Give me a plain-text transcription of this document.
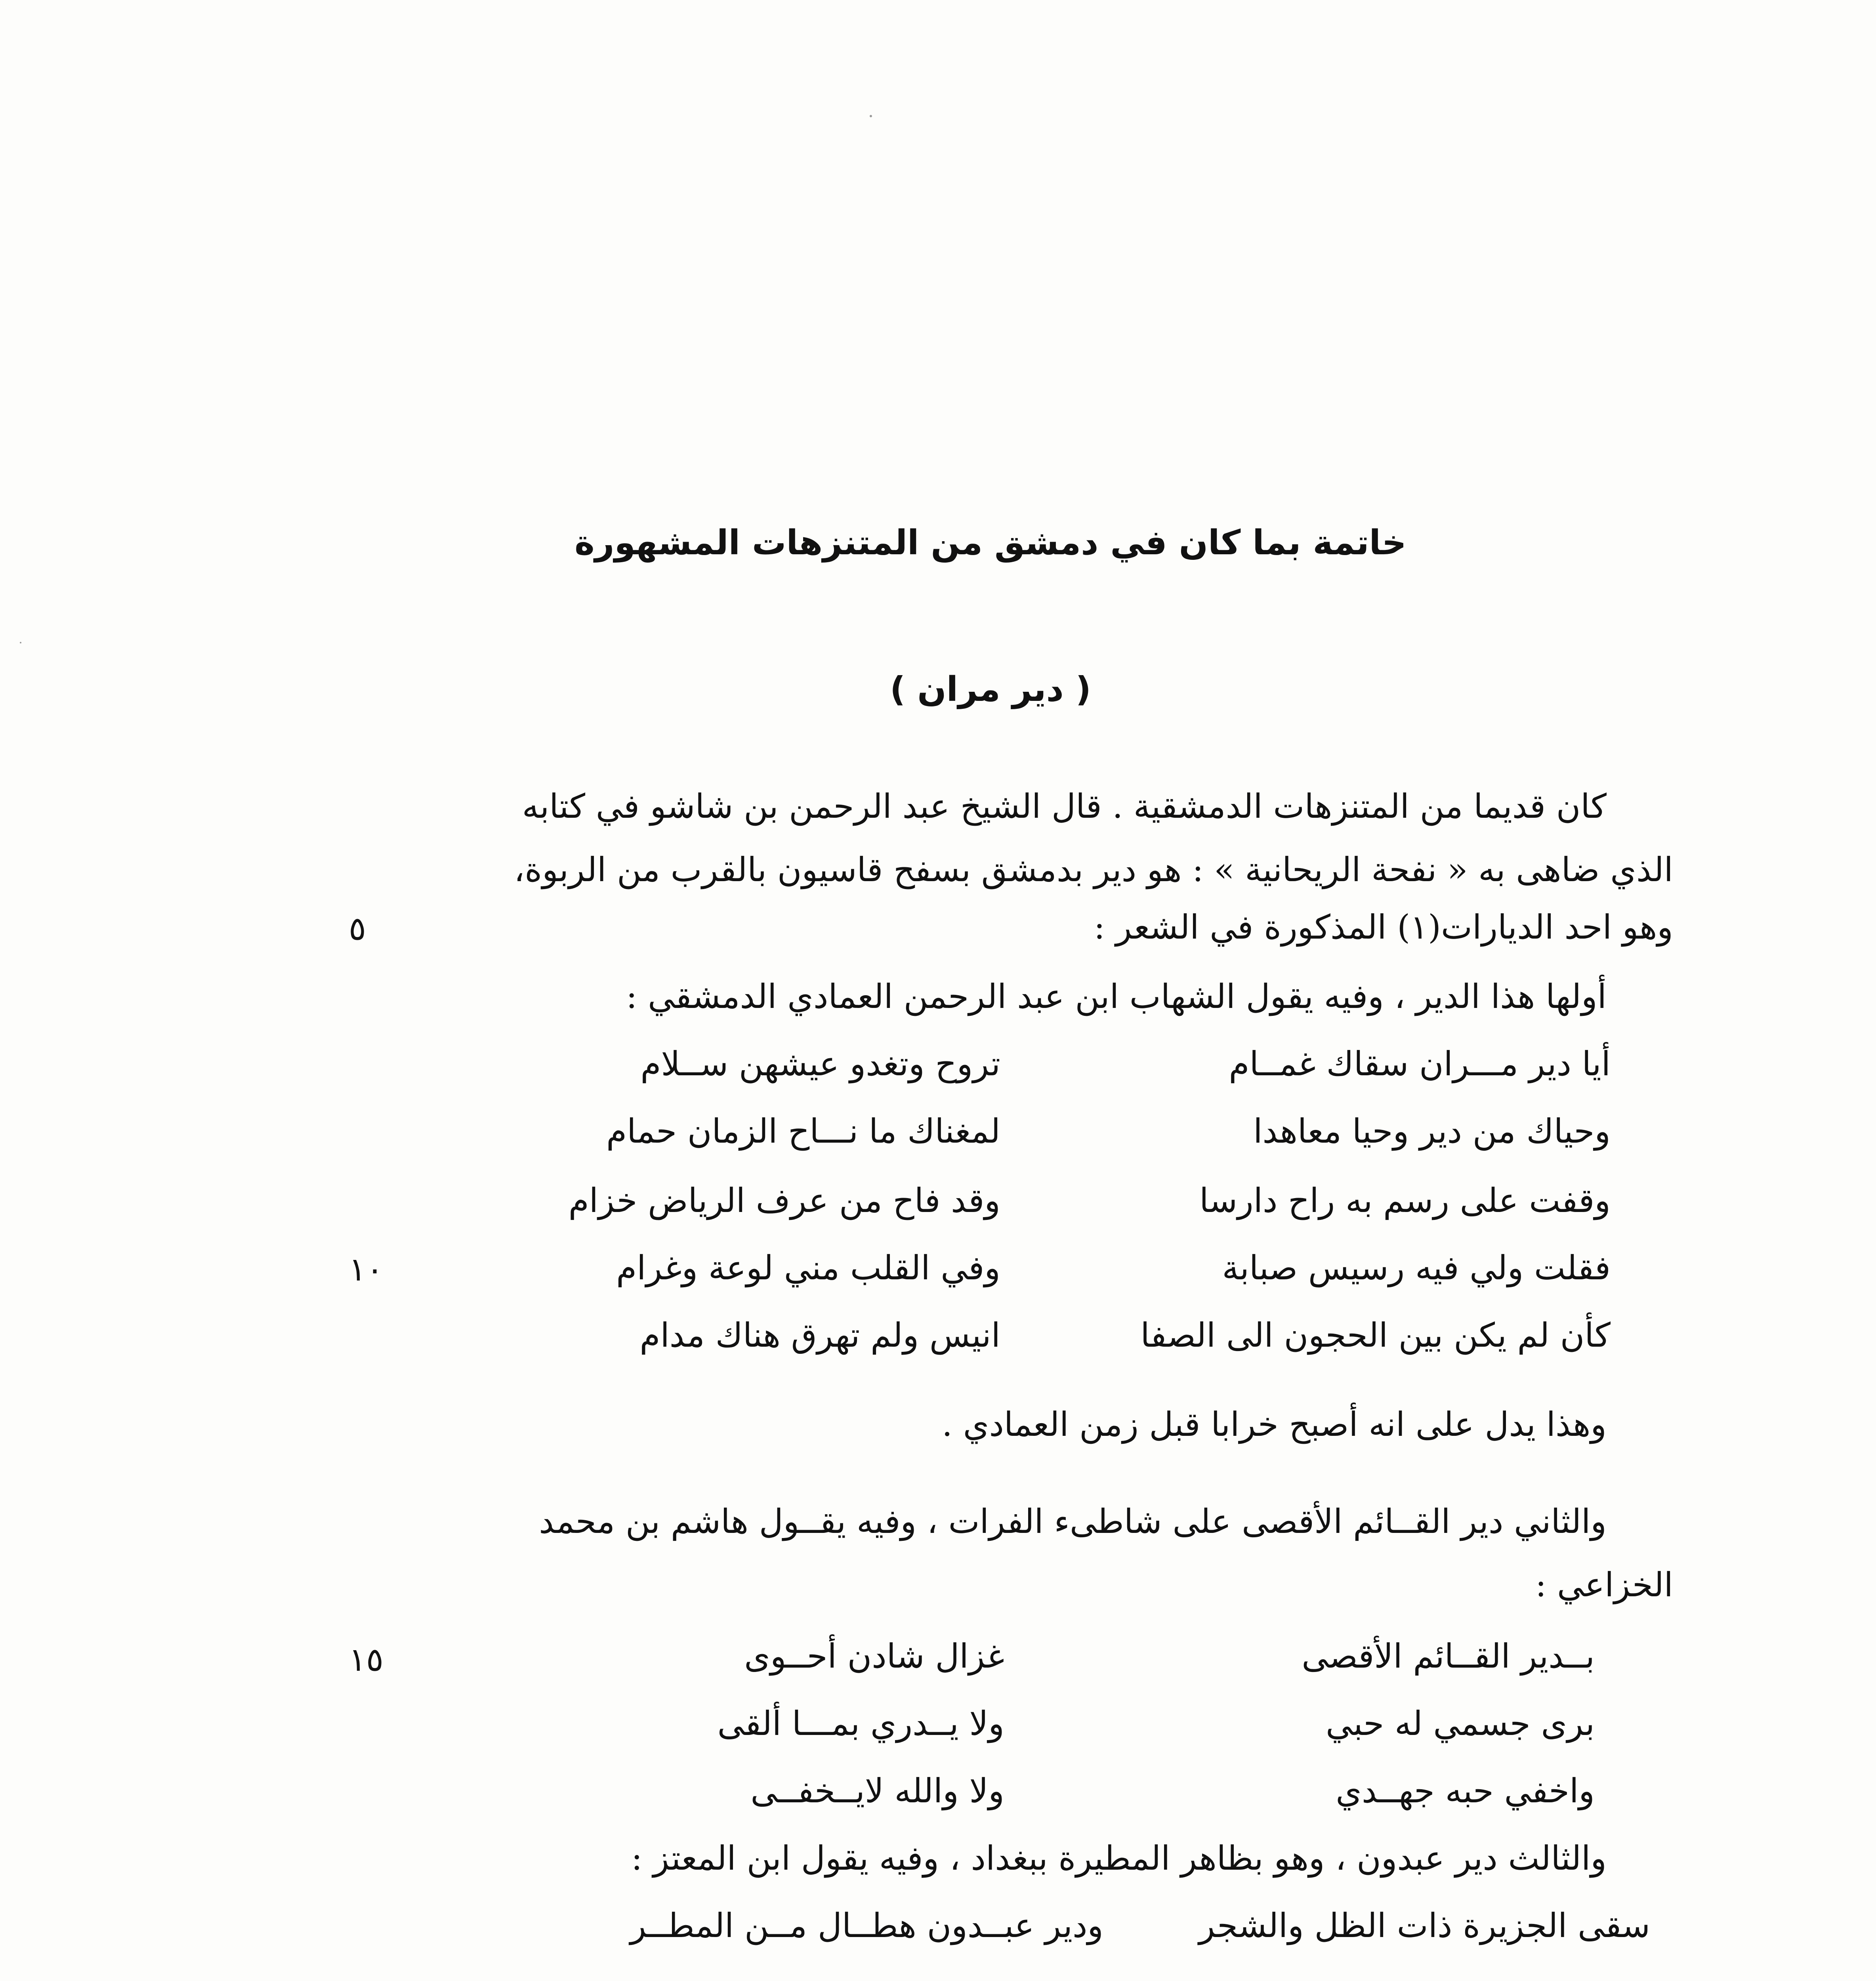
خاتمة بما كان في دمشق من المتنزهات المشهورة
( دير مران )
كان قديما من المتنزهات الدمشقية . قال الشيخ عبد الرحمن بن شاشو في كتابه
الذي ضاهى به « نفحة الريحانية » : هو دير بدمشق بسفح قاسيون بالقرب من الربوة،
وهو احد الديارات(١) المذكورة في الشعر :
أولها هذا الدير ، وفيه يقول الشهاب ابن عبد الرحمن العمادي الدمشقي :
أيا دير مـــران سقاك غمــام
تروح وتغدو عيشهن ســلام
وحياك من دير وحيا معاهدا
لمغناك ما نـــاح الزمان حمام
وقفت على رسم به راح دارسا
وقد فاح من عرف الرياض خزام
فقلت ولي فيه رسيس صبابة
وفي القلب مني لوعة وغرام
كأن لم يكن بين الحجون الى الصفا
انيس ولم تهرق هناك مدام
وهذا يدل على انه أصبح خرابا قبل زمن العمادي .
والثاني دير القــائم الأقصى على شاطىء الفرات ، وفيه يقــول هاشم بن محمد
الخزاعي :
بــدير القــائم الأقصى
غزال شادن أحــوى
برى جسمي له حبي
ولا يــدري بمـــا ألقى
واخفي حبه جهــدي
ولا والله لايــخفــى
والثالث دير عبدون ، وهو بظاهر المطيرة ببغداد ، وفيه يقول ابن المعتز :
سقى الجزيرة ذات الظل والشجر
ودير عبــدون هطــال مــن المطــر
٥
١٠
١٥
